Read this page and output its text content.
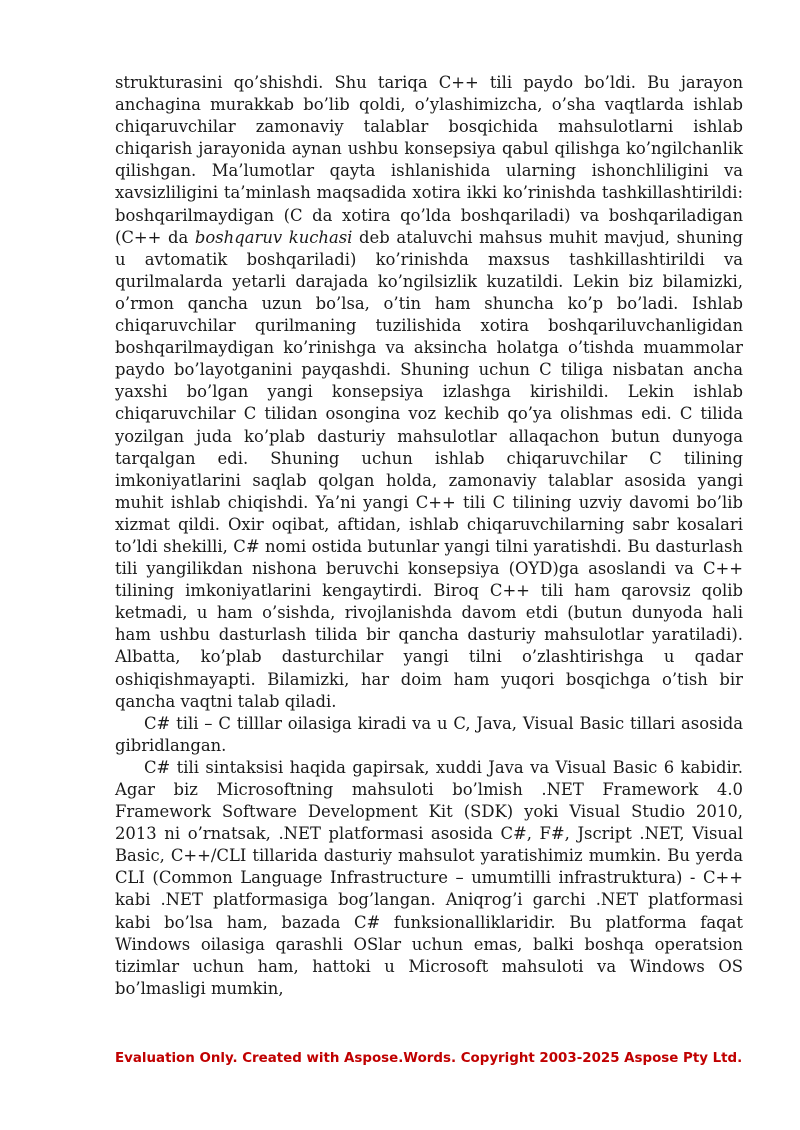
strukturasini qo’shishdi. Shu tariqa C++ tili paydo bo’ldi. Bu jarayon anchagina murakkab bo’lib qoldi, o’ylashimizcha, o’sha vaqtlarda ishlab chiqaruvchilar zamonaviy talablar bosqichida mahsulotlarni ishlab chiqarish jarayonida aynan ushbu konsepsiya qabul qilishga ko’ngilchanlik qilishgan. Ma’lumotlar qayta ishlanishida ularning ishonchliligini va xavsizliligini ta’minlash maqsadida xotira ikki ko’rinishda tashkillashtirildi: boshqarilmaydigan (C da xotira qo’lda boshqariladi) va boshqariladigan (C++ da boshqaruv kuchasi deb ataluvchi mahsus muhit mavjud, shuning u avtomatik boshqariladi) ko’rinishda maxsus tashkillashtirildi va qurilmalarda yetarli darajada ko’ngilsizlik kuzatildi. Lekin biz bilamizki, o’rmon qancha uzun bo’lsa, o’tin ham shuncha ko’p bo’ladi. Ishlab chiqaruvchilar qurilmaning tuzilishida xotira boshqariluvchanligidan boshqarilmaydigan ko’rinishga va aksincha holatga o’tishda muammolar paydo bo’layotganini payqashdi. Shuning uchun C tiliga nisbatan ancha yaxshi bo’lgan yangi konsepsiya izlashga kirishildi. Lekin ishlab chiqaruvchilar C tilidan osongina voz kechib qo’ya olishmas edi. C tilida yozilgan juda ko’plab dasturiy mahsulotlar allaqachon butun dunyoga tarqalgan edi. Shuning uchun ishlab chiqaruvchilar C tilining imkoniyatlarini saqlab qolgan holda, zamonaviy talablar asosida yangi muhit ishlab chiqishdi. Ya’ni yangi C++ tili C tilining uzviy davomi bo’lib xizmat qildi. Oxir oqibat, aftidan, ishlab chiqaruvchilarning sabr kosalari to’ldi shekilli, C# nomi ostida butunlar yangi tilni yaratishdi. Bu dasturlash tili yangilikdan nishona beruvchi konsepsiya (OYD)ga asoslandi va C++ tilining imkoniyatlarini kengaytirdi. Biroq C++ tili ham qarovsiz qolib ketmadi, u ham o’sishda, rivojlanishda davom etdi (butun dunyoda hali ham ushbu dasturlash tilida bir qancha dasturiy mahsulotlar yaratiladi). Albatta, ko’plab dasturchilar yangi tilni o’zlashtirishga u qadar oshiqishmayapti. Bilamizki, har doim ham yuqori bosqichga o’tish bir qancha vaqtni talab qiladi.

C# tili – C tilllar oilasiga kiradi va u C, Java, Visual Basic tillari asosida gibridlangan.

C# tili sintaksisi haqida gapirsak, xuddi Java va Visual Basic 6 kabidir. Agar biz Microsoftning mahsuloti bo’lmish .NET Framework 4.0 Framework Software Development Kit (SDK) yoki Visual Studio 2010, 2013 ni o’rnatsak, .NET platformasi asosida C#, F#, Jscript .NET, Visual Basic, C++/CLI tillarida dasturiy mahsulot yaratishimiz mumkin. Bu yerda CLI (Common Language Infrastructure – umumtilli infrastruktura) - C++ kabi .NET platformasiga bog’langan. Aniqrog’i garchi .NET platformasi kabi bo’lsa ham, bazada C# funksionalliklaridir. Bu platforma faqat Windows oilasiga qarashli OSlar uchun emas, balki boshqa operatsion tizimlar uchun ham, hattoki u Microsoft mahsuloti va Windows OS bo’lmasligi mumkin,

Evaluation Only. Created with Aspose.Words. Copyright 2003-2025 Aspose Pty Ltd.
